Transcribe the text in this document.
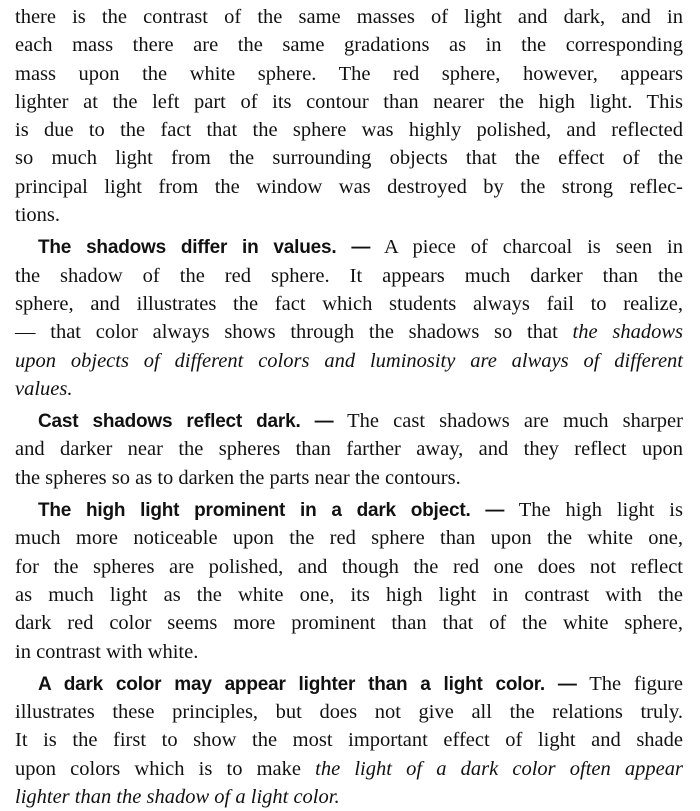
there is the contrast of the same masses of light and dark, and in
each mass there are the same gradations as in the corresponding
mass upon the white sphere. The red sphere, however, appears
lighter at the left part of its contour than nearer the high light. This
is due to the fact that the sphere was highly polished, and reflected
so much light from the surrounding objects that the effect of the
principal light from the window was destroyed by the strong reflec-
tions.
The shadows differ in values. — A piece of charcoal is seen in
the shadow of the red sphere. It appears much darker than the
sphere, and illustrates the fact which students always fail to realize,
— that color always shows through the shadows so that the shadows
upon objects of different colors and luminosity are always of different
values.
Cast shadows reflect dark. — The cast shadows are much sharper
and darker near the spheres than farther away, and they reflect upon
the spheres so as to darken the parts near the contours.
The high light prominent in a dark object. — The high light is
much more noticeable upon the red sphere than upon the white one,
for the spheres are polished, and though the red one does not reflect
as much light as the white one, its high light in contrast with the
dark red color seems more prominent than that of the white sphere,
in contrast with white.
A dark color may appear lighter than a light color. — The figure
illustrates these principles, but does not give all the relations truly.
It is the first to show the most important effect of light and shade
upon colors which is to make the light of a dark color often appear
lighter than the shadow of a light color.
